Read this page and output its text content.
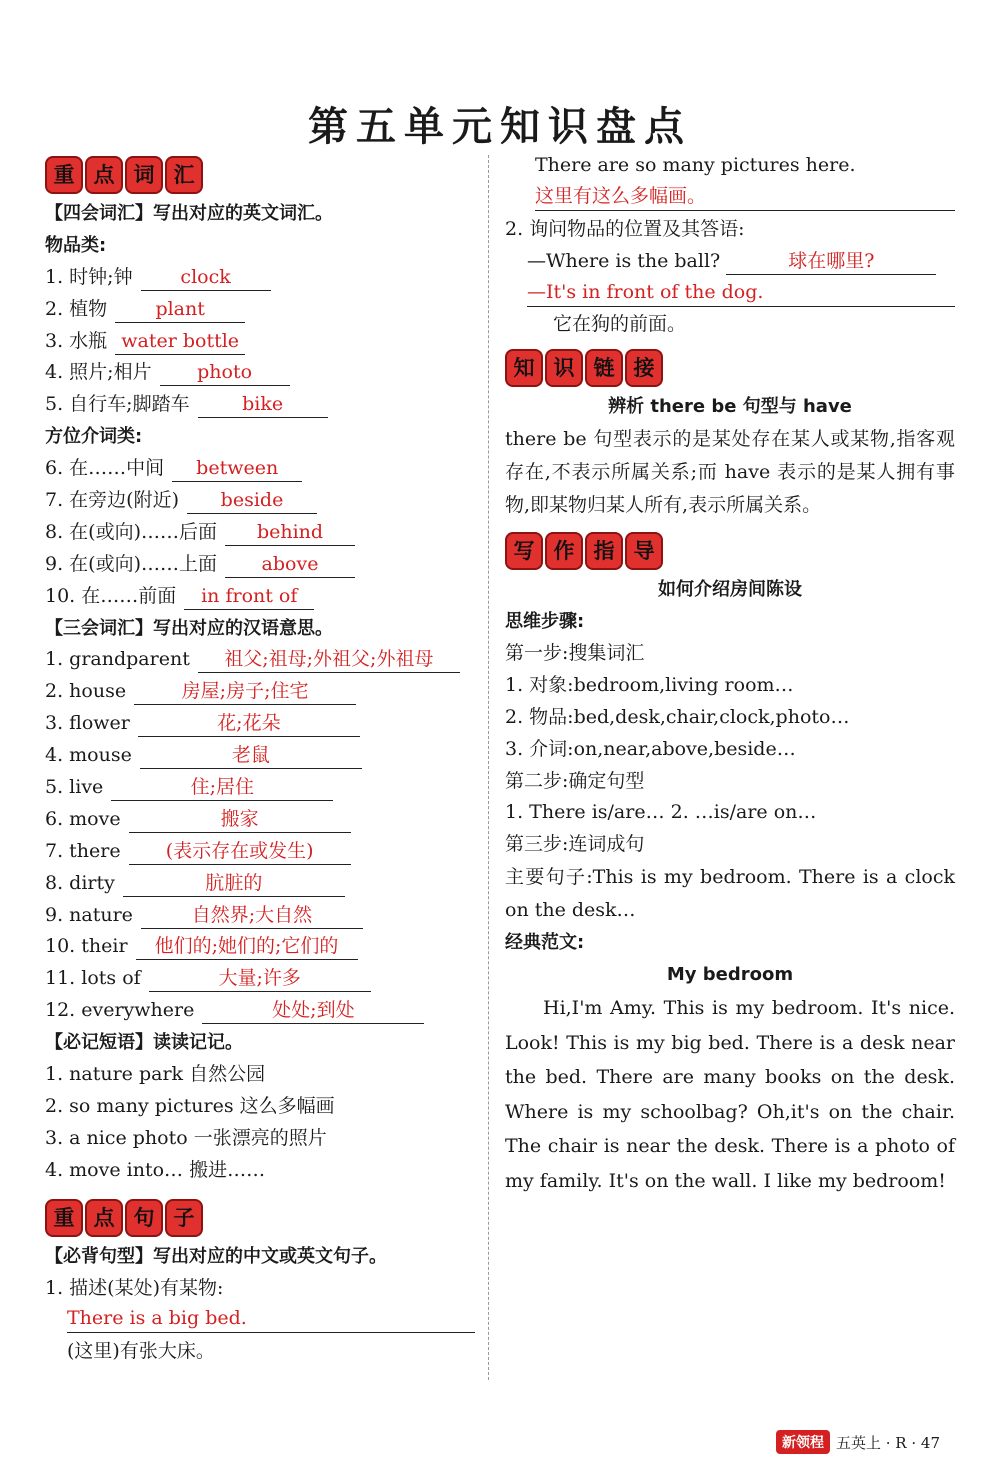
第五单元知识盘点
重 点 词 汇
【四会词汇】写出对应的英文词汇。
物品类:
1. 时钟;钟	clock
2. 植物	plant
3. 水瓶 water bottle
4. 照片;相片 photo
5. 自行车;脚踏车	bike
方位介词类:
6. 在……中间 between
7. 在旁边(附近) beside
8. 在(或向)……后面 behind
9. 在(或向)……上面 above
10. 在……前面 in front of
【三会词汇】写出对应的汉语意思。
1. grandparent 祖父;祖母;外祖父;外祖母
2. house	房屋;房子;住宅
3. flower	花;花朵
4. mouse	老鼠
5. live	住;居住
6. move	搬家
7. there (表示存在或发生)
8. dirty	肮脏的
9. nature	自然界;大自然
10. their 他们的;她们的;它们的
11. lots of	大量;许多
12. everywhere	处处;到处
【必记短语】读读记记。
1. nature park 自然公园
2. so many pictures 这么多幅画
3. a nice photo 一张漂亮的照片
4. move into… 搬进……
重 点 句 子
【必背句型】写出对应的中文或英文句子。
1. 描述(某处)有某物:
There is a big bed.
(这里)有张大床。
There are so many pictures here.
这里有这么多幅画。
2. 询问物品的位置及其答语:
—Where is the ball?	球在哪里?
—It's in front of the dog.
它在狗的前面。
知 识 链 接
辨析 there be 句型与 have
there be 句型表示的是某处存在某人或某物,指客观存在,不表示所属关系;而 have 表示的是某人拥有事物,即某物归某人所有,表示所属关系。
写 作 指 导
如何介绍房间陈设
思维步骤:
第一步:搜集词汇
1. 对象:bedroom,living room…
2. 物品:bed,desk,chair,clock,photo…
3. 介词:on,near,above,beside…
第二步:确定句型
1. There is/are… 2. …is/are on…
第三步:连词成句
主要句子:This is my bedroom. There is a clock on the desk…
经典范文:
My bedroom
Hi,I'm Amy. This is my bedroom. It's nice. Look! This is my big bed. There is a desk near the bed. There are many books on the desk. Where is my schoolbag? Oh,it's on the chair. The chair is near the desk. There is a photo of my family. It's on the wall. I like my bedroom!
新领程 五英上 · R · 47
